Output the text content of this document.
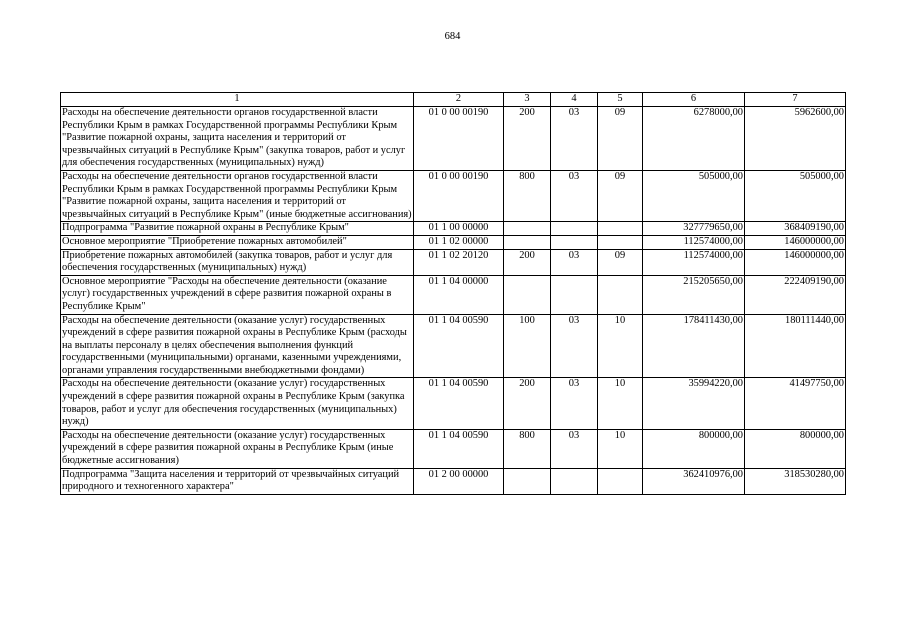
684
1	2	3	4	5	6	7
Расходы на обеспечение деятельности органов государственной власти Республики Крым в рамках Государственной программы Республики Крым "Развитие пожарной охраны, защита населения и территорий от чрезвычайных ситуаций в Республике Крым" (закупка товаров, работ и услуг для обеспечения государственных (муниципальных) нужд)	01 0 00 00190	200	03	09	6278000,00	5962600,00
Расходы на обеспечение деятельности органов государственной власти Республики Крым в рамках Государственной программы Республики Крым "Развитие пожарной охраны, защита населения и территорий от чрезвычайных ситуаций в Республике Крым" (иные бюджетные ассигнования)	01 0 00 00190	800	03	09	505000,00	505000,00
Подпрограмма "Развитие пожарной охраны в Республике Крым"	01 1 00 00000				327779650,00	368409190,00
Основное мероприятие "Приобретение пожарных автомобилей"	01 1 02 00000				112574000,00	146000000,00
Приобретение пожарных автомобилей (закупка товаров, работ и услуг для обеспечения государственных (муниципальных) нужд)	01 1 02 20120	200	03	09	112574000,00	146000000,00
Основное мероприятие "Расходы на обеспечение деятельности (оказание услуг) государственных учреждений в сфере развития пожарной охраны в Республике Крым"	01 1 04 00000				215205650,00	222409190,00
Расходы на обеспечение деятельности (оказание услуг) государственных учреждений в сфере развития пожарной охраны в Республике Крым (расходы на выплаты персоналу в целях обеспечения выполнения функций государственными (муниципальными) органами, казенными учреждениями, органами управления государственными внебюджетными фондами)	01 1 04 00590	100	03	10	178411430,00	180111440,00
Расходы на обеспечение деятельности (оказание услуг) государственных учреждений в сфере развития пожарной охраны в Республике Крым (закупка товаров, работ и услуг для обеспечения государственных (муниципальных) нужд)	01 1 04 00590	200	03	10	35994220,00	41497750,00
Расходы на обеспечение деятельности (оказание услуг) государственных учреждений в сфере развития пожарной охраны в Республике Крым (иные бюджетные ассигнования)	01 1 04 00590	800	03	10	800000,00	800000,00
Подпрограмма "Защита населения и территорий от чрезвычайных ситуаций природного и техногенного характера"	01 2 00 00000				362410976,00	318530280,00
